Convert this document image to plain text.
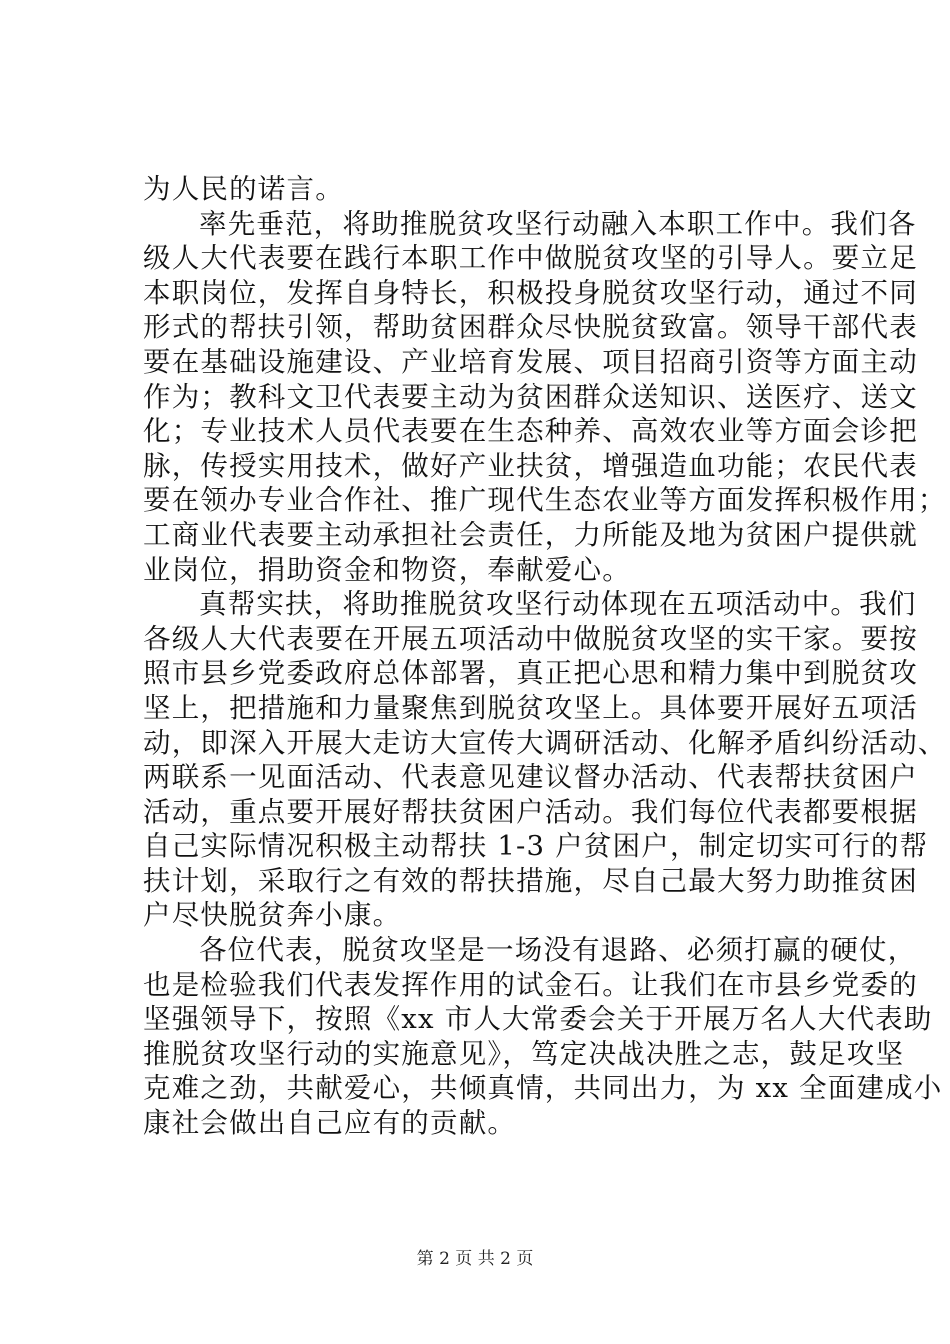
为人民的诺言。
率先垂范，将助推脱贫攻坚行动融入本职工作中。我们各
级人大代表要在践行本职工作中做脱贫攻坚的引导人。要立足
本职岗位，发挥自身特长，积极投身脱贫攻坚行动，通过不同
形式的帮扶引领，帮助贫困群众尽快脱贫致富。领导干部代表
要在基础设施建设、产业培育发展、项目招商引资等方面主动
作为；教科文卫代表要主动为贫困群众送知识、送医疗、送文
化；专业技术人员代表要在生态种养、高效农业等方面会诊把
脉，传授实用技术，做好产业扶贫，增强造血功能；农民代表
要在领办专业合作社、推广现代生态农业等方面发挥积极作用；
工商业代表要主动承担社会责任，力所能及地为贫困户提供就
业岗位，捐助资金和物资，奉献爱心。
真帮实扶，将助推脱贫攻坚行动体现在五项活动中。我们
各级人大代表要在开展五项活动中做脱贫攻坚的实干家。要按
照市县乡党委政府总体部署，真正把心思和精力集中到脱贫攻
坚上，把措施和力量聚焦到脱贫攻坚上。具体要开展好五项活
动，即深入开展大走访大宣传大调研活动、化解矛盾纠纷活动、
两联系一见面活动、代表意见建议督办活动、代表帮扶贫困户
活动，重点要开展好帮扶贫困户活动。我们每位代表都要根据
自己实际情况积极主动帮扶 1-3 户贫困户，制定切实可行的帮
扶计划，采取行之有效的帮扶措施，尽自己最大努力助推贫困
户尽快脱贫奔小康。
各位代表，脱贫攻坚是一场没有退路、必须打赢的硬仗，
也是检验我们代表发挥作用的试金石。让我们在市县乡党委的
坚强领导下，按照《xx 市人大常委会关于开展万名人大代表助
推脱贫攻坚行动的实施意见》，笃定决战决胜之志，鼓足攻坚
克难之劲，共献爱心，共倾真情，共同出力，为 xx 全面建成小
康社会做出自己应有的贡献。
第 2 页 共 2 页
